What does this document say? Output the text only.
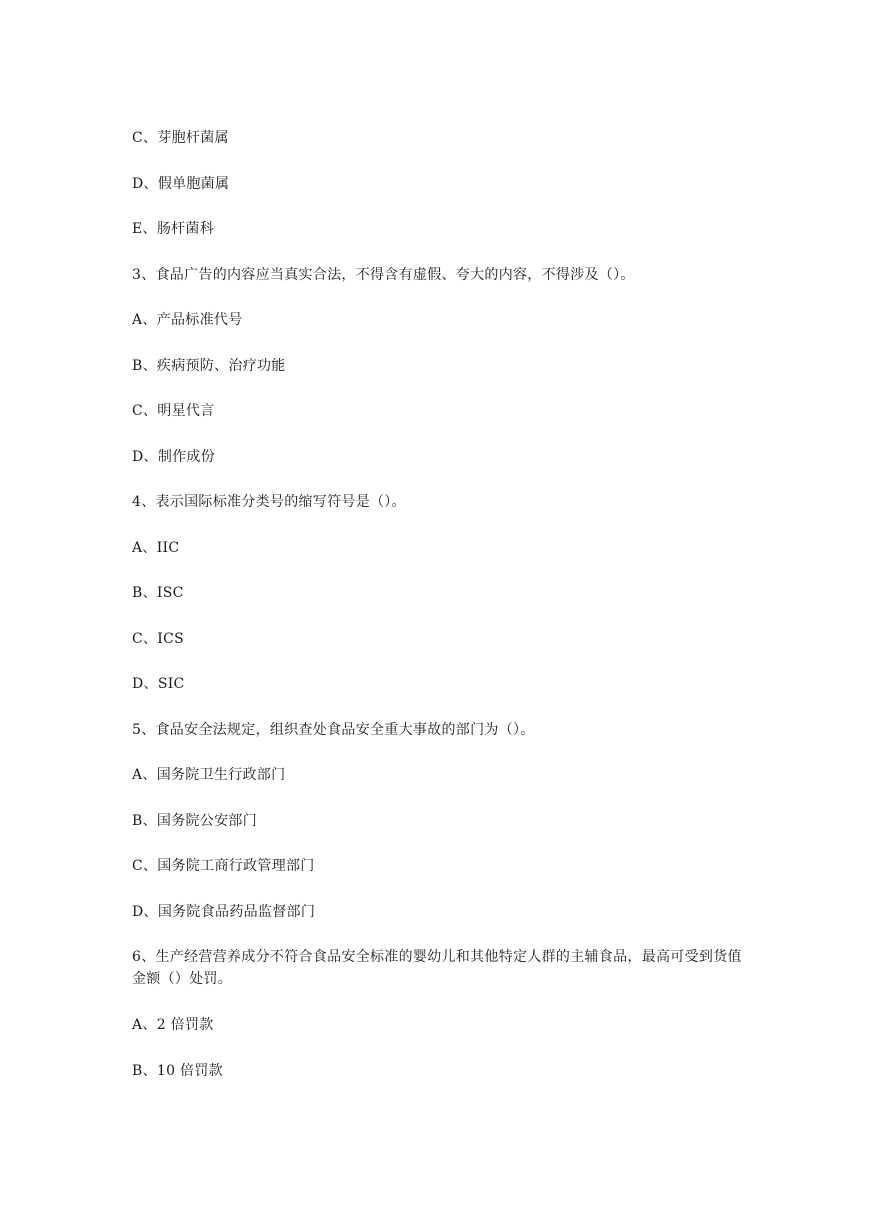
C、芽胞杆菌属
D、假单胞菌属
E、肠杆菌科
3、食品广告的内容应当真实合法，不得含有虚假、夸大的内容，不得涉及（）。
A、产品标准代号
B、疾病预防、治疗功能
C、明星代言
D、制作成份
4、表示国际标准分类号的缩写符号是（）。
A、IIC
B、ISC
C、ICS
D、SIC
5、食品安全法规定，组织查处食品安全重大事故的部门为（）。
A、国务院卫生行政部门
B、国务院公安部门
C、国务院工商行政管理部门
D、国务院食品药品监督部门
6、生产经营营养成分不符合食品安全标准的婴幼儿和其他特定人群的主辅食品，最高可受到货值金额（）处罚。
A、2 倍罚款
B、10 倍罚款
